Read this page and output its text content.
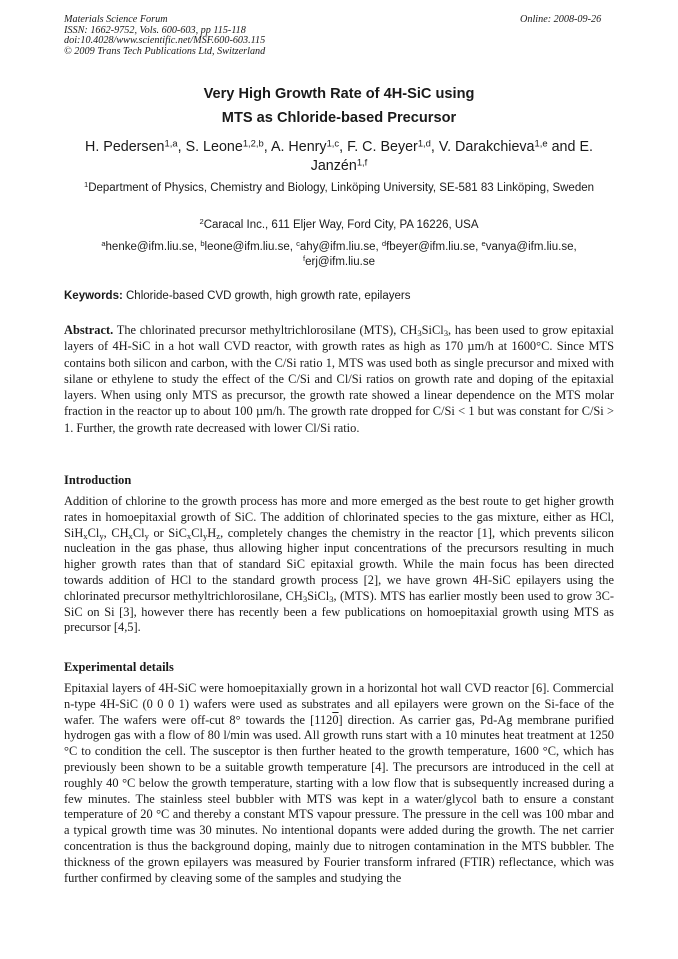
Materials Science Forum
ISSN: 1662-9752, Vols. 600-603, pp 115-118
doi:10.4028/www.scientific.net/MSF.600-603.115
© 2009 Trans Tech Publications Ltd, Switzerland
Online: 2008-09-26
Very High Growth Rate of 4H-SiC using
MTS as Chloride-based Precursor
H. Pedersen$^{1,a}$, S. Leone$^{1,2,b}$, A. Henry$^{1,c}$, F. C. Beyer$^{1,d}$, V. Darakchieva$^{1,e}$ and E. Janzén$^{1,f}$
$^1$Department of Physics, Chemistry and Biology, Linköping University, SE-581 83 Linköping, Sweden
$^2$Caracal Inc., 611 Eljer Way, Ford City, PA 16226, USA
$^a$henke@ifm.liu.se, $^b$leone@ifm.liu.se, $^c$ahy@ifm.liu.se, $^d$fbeyer@ifm.liu.se, $^e$vanya@ifm.liu.se, $^f$erj@ifm.liu.se
Keywords: Chloride-based CVD growth, high growth rate, epilayers

Abstract. The chlorinated precursor methyltrichlorosilane (MTS), $CH_3SiCl_3$, has been used to grow epitaxial layers of 4H-SiC in a hot wall CVD reactor, with growth rates as high as 170 µm/h at 1600°C. Since MTS contains both silicon and carbon, with the C/Si ratio 1, MTS was used both as single precursor and mixed with silane or ethylene to study the effect of the C/Si and Cl/Si ratios on growth rate and doping of the epitaxial layers. When using only MTS as precursor, the growth rate showed a linear dependence on the MTS molar fraction in the reactor up to about 100 µm/h. The growth rate dropped for C/Si < 1 but was constant for C/Si > 1. Further, the growth rate decreased with lower Cl/Si ratio.

Introduction

Addition of chlorine to the growth process has more and more emerged as the best route to get higher growth rates in homoepitaxial growth of SiC. The addition of chlorinated species to the gas mixture, either as HCl, $SiH_xCl_y$, $CH_xCl_y$ or $SiC_xCl_yH_z$, completely changes the chemistry in the reactor [1], which prevents silicon nucleation in the gas phase, thus allowing higher input concentrations of the precursors resulting in much higher growth rates than that of standard SiC epitaxial growth. While the main focus has been directed towards addition of HCl to the standard growth process [2], we have grown 4H-SiC epilayers using the chlorinated precursor methyltrichlorosilane, $CH_3SiCl_3$, (MTS). MTS has earlier mostly been used to grow 3C-SiC on Si [3], however there has recently been a few publications on homoepitaxial growth using MTS as precursor [4,5].

Experimental details

Epitaxial layers of 4H-SiC were homoepitaxially grown in a horizontal hot wall CVD reactor [6]. Commercial n-type 4H-SiC (0 0 0 1) wafers were used as substrates and all epilayers were grown on the Si-face of the wafer. The wafers were off-cut 8° towards the [1120] direction. As carrier gas, Pd-Ag membrane purified hydrogen gas with a flow of 80 l/min was used. All growth runs start with a 10 minutes heat treatment at 1250 °C to condition the cell. The susceptor is then further heated to the growth temperature, 1600 °C, which has previously been shown to be a suitable growth temperature [4]. The precursors are introduced in the cell at roughly 40 °C below the growth temperature, starting with a low flow that is subsequently increased during a few minutes. The stainless steel bubbler with MTS was kept in a water/glycol bath to ensure a constant temperature of 20 °C and thereby a constant MTS vapour pressure. The pressure in the cell was 100 mbar and a typical growth time was 30 minutes. No intentional dopants were added during the growth. The net carrier concentration is thus the background doping, mainly due to nitrogen contamination in the MTS bubbler. The thickness of the grown epilayers was measured by Fourier transform infrared (FTIR) reflectance, which was further confirmed by cleaving some of the samples and studying the
